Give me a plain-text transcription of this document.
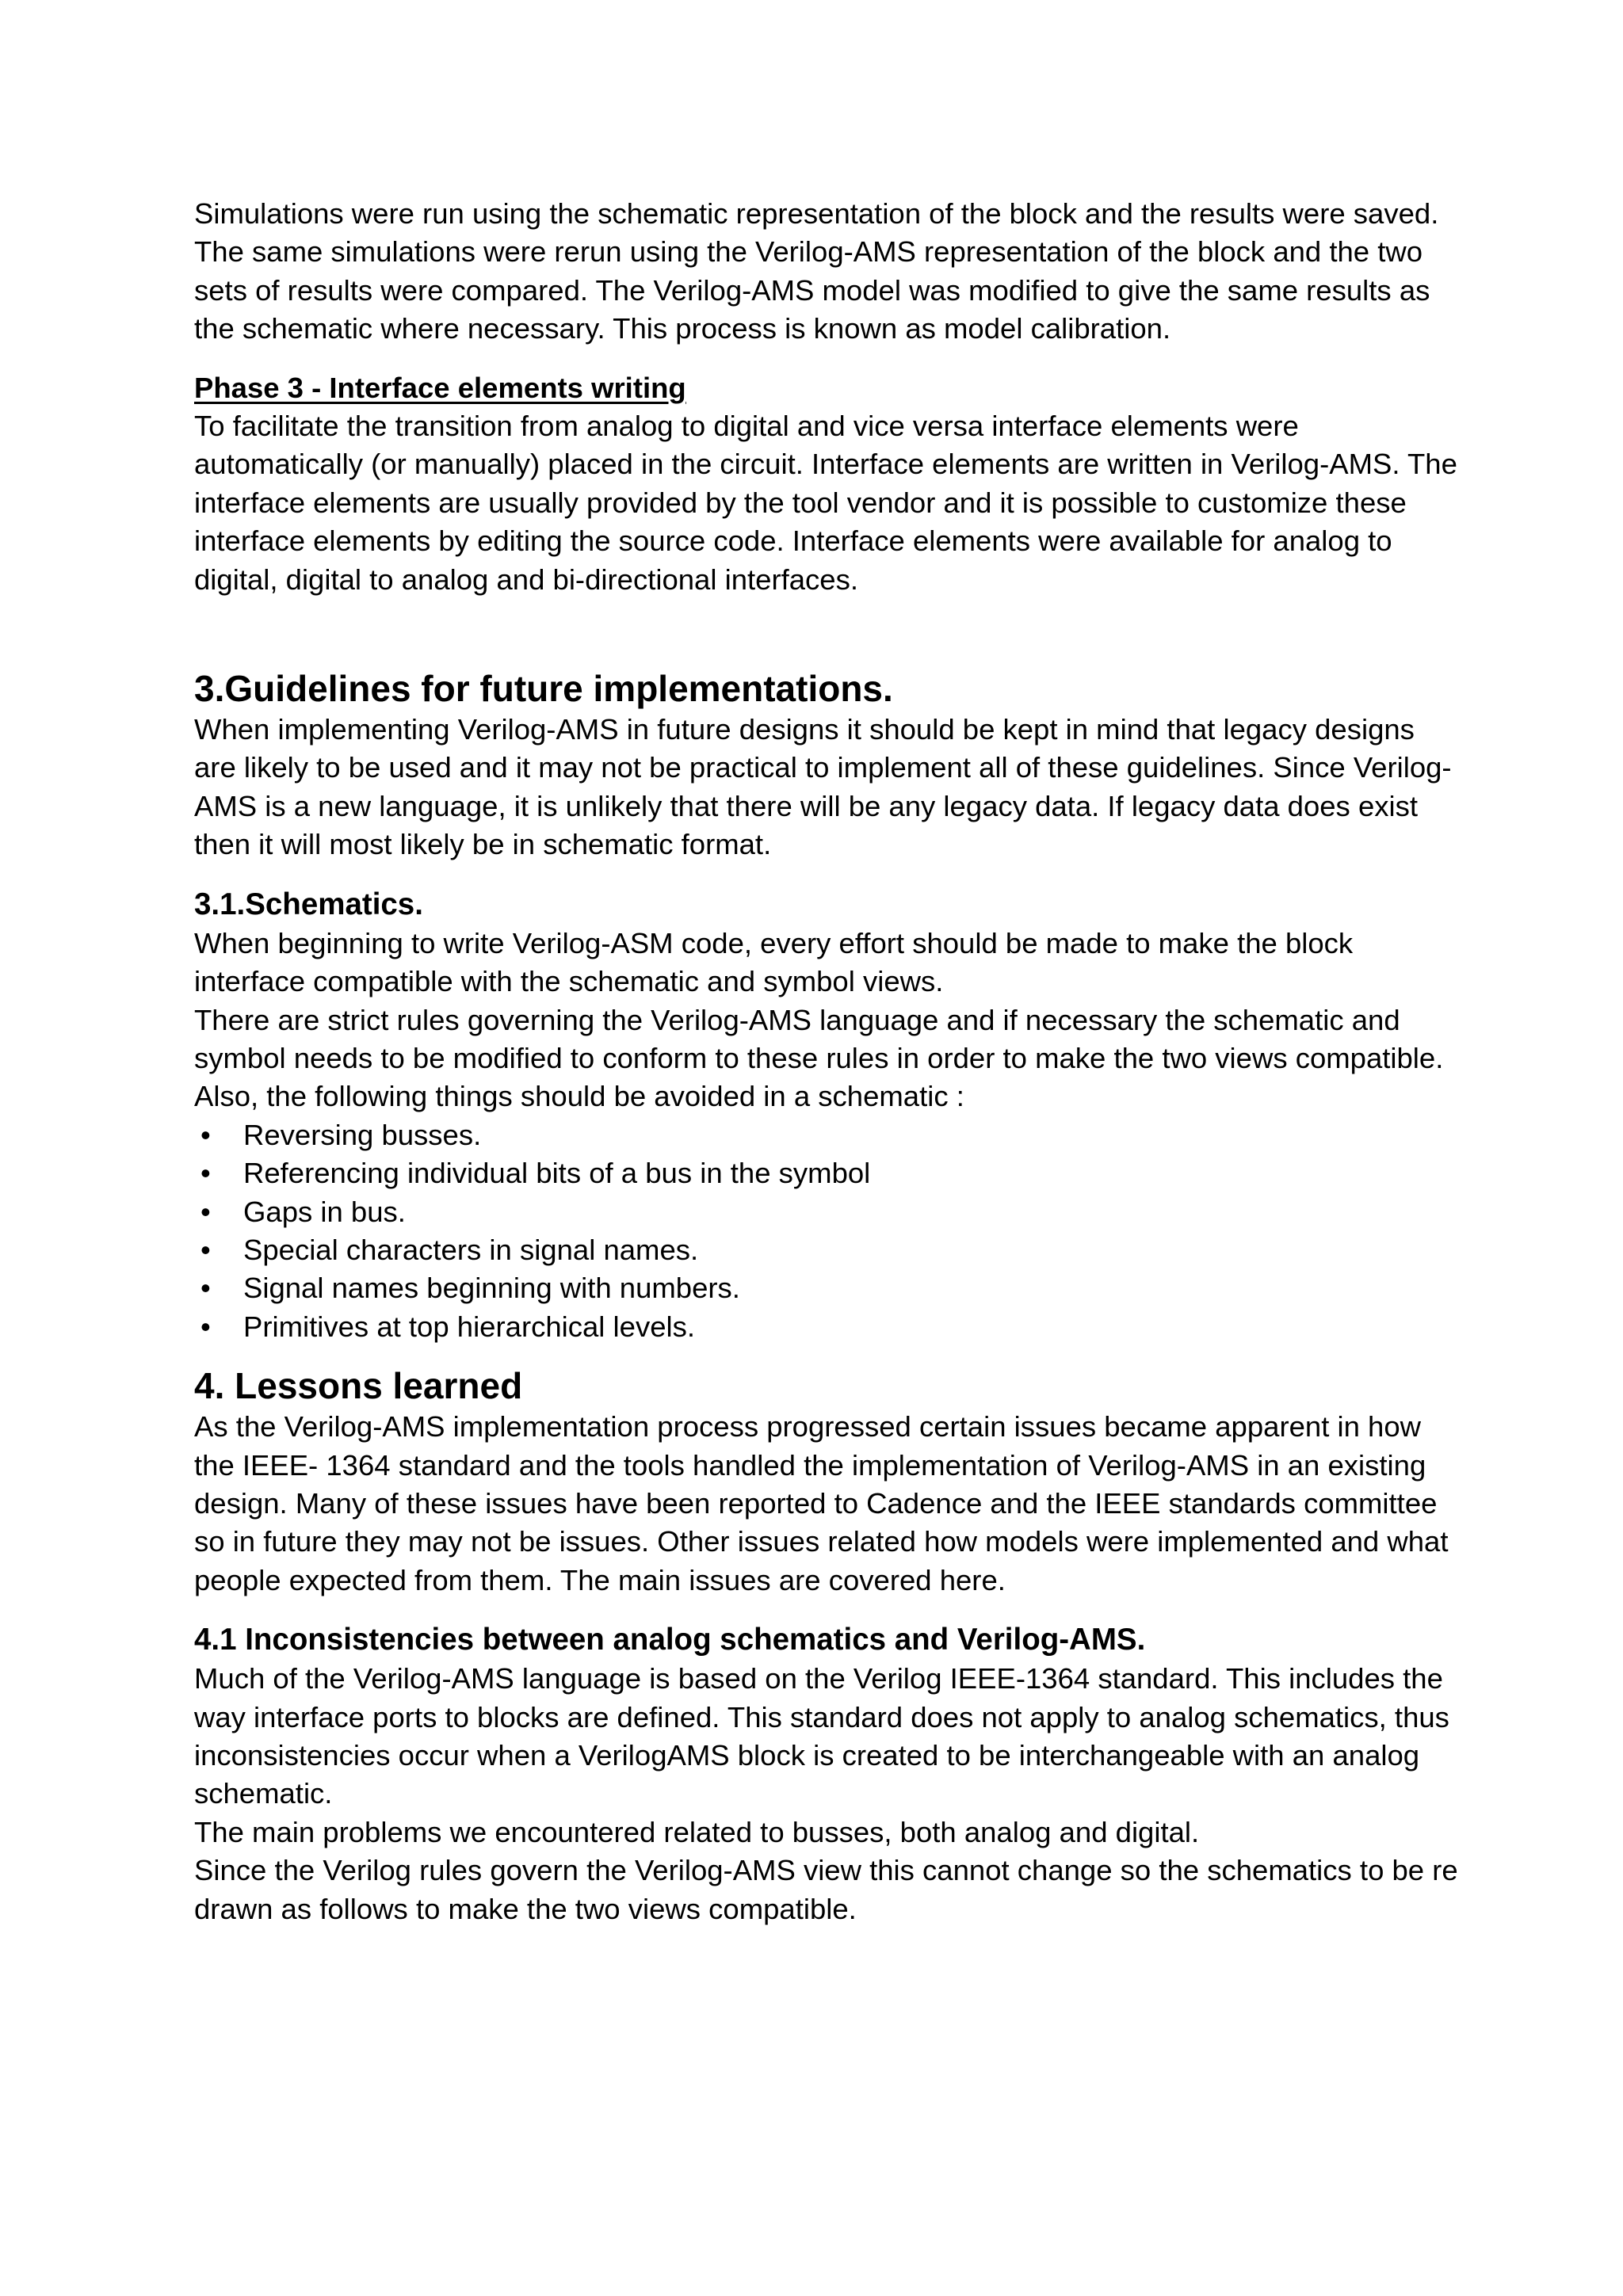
Simulations were run using the schematic representation of the block and the results were saved. The same simulations were rerun using the Verilog-AMS representation of the block and the two sets of results were compared. The Verilog-AMS model was modified to give the same results as the schematic where necessary. This process is known as model calibration.

Phase 3 - Interface elements writing

To facilitate the transition from analog to digital and vice versa interface elements were automatically (or manually) placed in the circuit. Interface elements are written in Verilog-AMS. The interface elements are usually provided by the tool vendor and it is possible to customize these interface elements by editing the source code. Interface elements were available for analog to digital, digital to analog and bi-directional interfaces.

3.Guidelines for future implementations.

When implementing Verilog-AMS in future designs it should be kept in mind that legacy designs are likely to be used and it may not be practical to implement all of these guidelines. Since Verilog-AMS is a new language, it is unlikely that there will be any legacy data. If legacy data does exist then it will most likely be in schematic format.

3.1.Schematics.

When beginning to write Verilog-ASM code, every effort should be made to make the block interface compatible with the schematic and symbol views.

There are strict rules governing the Verilog-AMS language and if necessary the schematic and symbol needs to be modified to conform to these rules in order to make the two views compatible.

Also, the following things should be avoided in a schematic :

• Reversing busses.
• Referencing individual bits of a bus in the symbol
• Gaps in bus.
• Special characters in signal names.
• Signal names beginning with numbers.
• Primitives at top hierarchical levels.
4. Lessons learned

As the Verilog-AMS implementation process progressed certain issues became apparent in how the IEEE- 1364 standard and the tools handled the implementation of Verilog-AMS in an existing design. Many of these issues have been reported to Cadence and the IEEE standards committee so in future they may not be issues. Other issues related how models were implemented and what people expected from them. The main issues are covered here.

4.1 Inconsistencies between analog schematics and Verilog-AMS.

Much of the Verilog-AMS language is based on the Verilog IEEE-1364 standard. This includes the way interface ports to blocks are defined. This standard does not apply to analog schematics, thus inconsistencies occur when a VerilogAMS block is created to be interchangeable with an analog schematic.

The main problems we encountered related to busses, both analog and digital.

Since the Verilog rules govern the Verilog-AMS view this cannot change so the schematics to be re drawn as follows to make the two views compatible.
